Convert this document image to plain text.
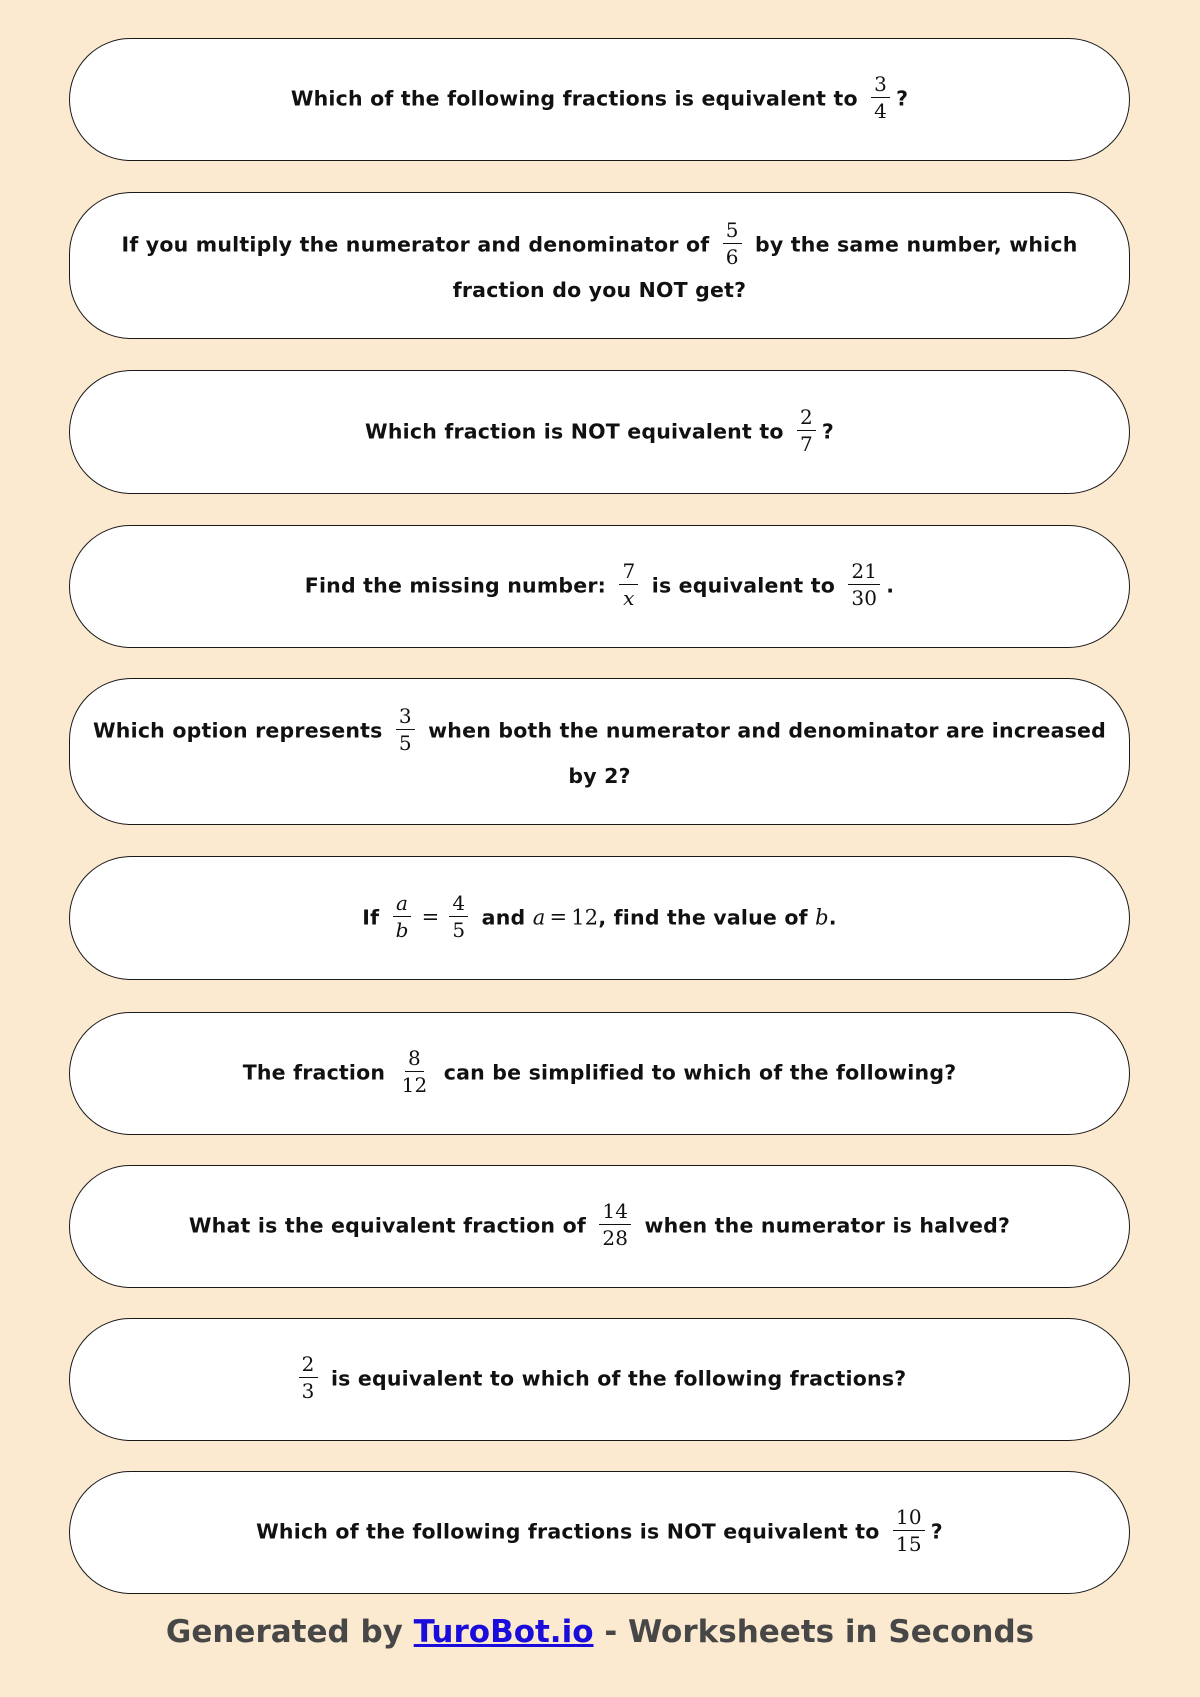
Which of the following fractions is equivalent to $\frac{3}{4}$ ?
If you multiply the numerator and denominator of $\frac{5}{6}$ by the same number, which
fraction do you NOT get?
Which fraction is NOT equivalent to $\frac{2}{7}$ ?
Find the missing number: $\frac{7}{x}$ is equivalent to $\frac{21}{30}$ .
Which option represents $\frac{3}{5}$ when both the numerator and denominator are increased
by 2?
If $\frac{a}{b} = \frac{4}{5}$ and a = 12, find the value of b.
The fraction $\frac{8}{12}$ can be simplified to which of the following?
What is the equivalent fraction of $\frac{14}{28}$ when the numerator is halved?
$\frac{2}{3}$ is equivalent to which of the following fractions?
Which of the following fractions is NOT equivalent to $\frac{10}{15}$ ?
Generated by TuroBot.io - Worksheets in Seconds
